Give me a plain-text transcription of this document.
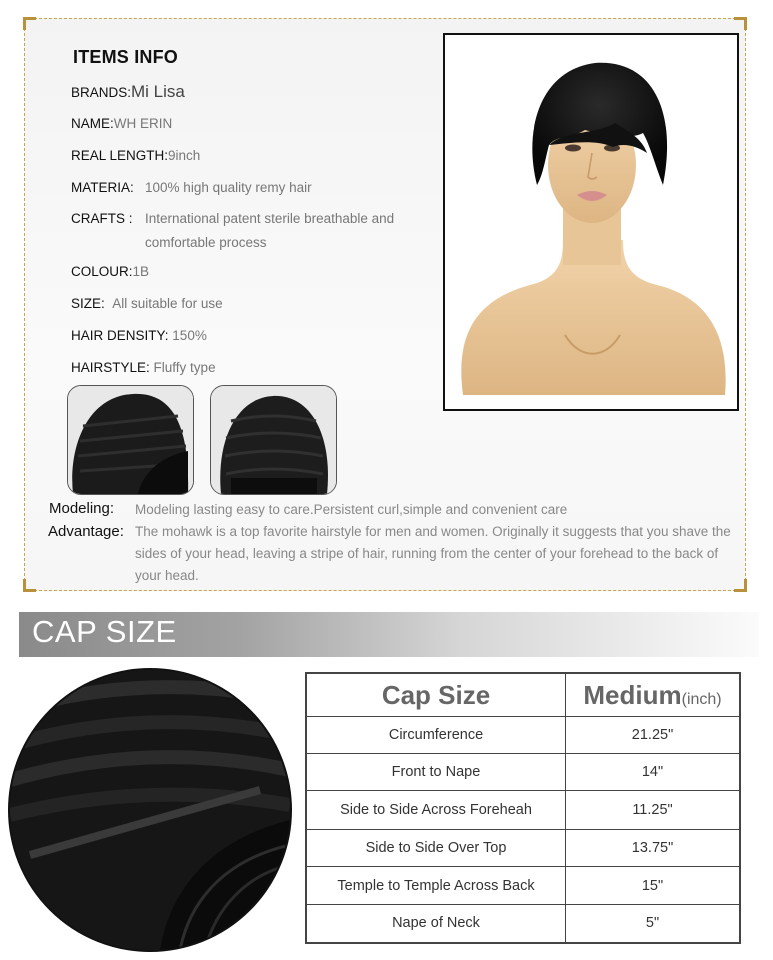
ITEMS INFO
BRANDS:Mi Lisa
NAME:WH ERIN
REAL LENGTH:9inch
MATERIA: 100% high quality remy hair
CRAFTS : International patent sterile breathable and comfortable process
COLOUR:1B
SIZE: All suitable for use
HAIR DENSITY: 150%
HAIRSTYLE: Fluffy type
Modeling: Modeling lasting easy to care.Persistent curl,simple and convenient care
Advantage: The mohawk is a top favorite hairstyle for men and women. Originally it suggests that you shave the sides of your head, leaving a stripe of hair, running from the center of your forehead to the back of your head.
CAP SIZE
Cap Size	Medium(inch)
Circumference	21.25"
Front to Nape	14"
Side to Side Across Foreheah	11.25"
Side to Side Over Top	13.75"
Temple to Temple Across Back	15"
Nape of Neck	5"
